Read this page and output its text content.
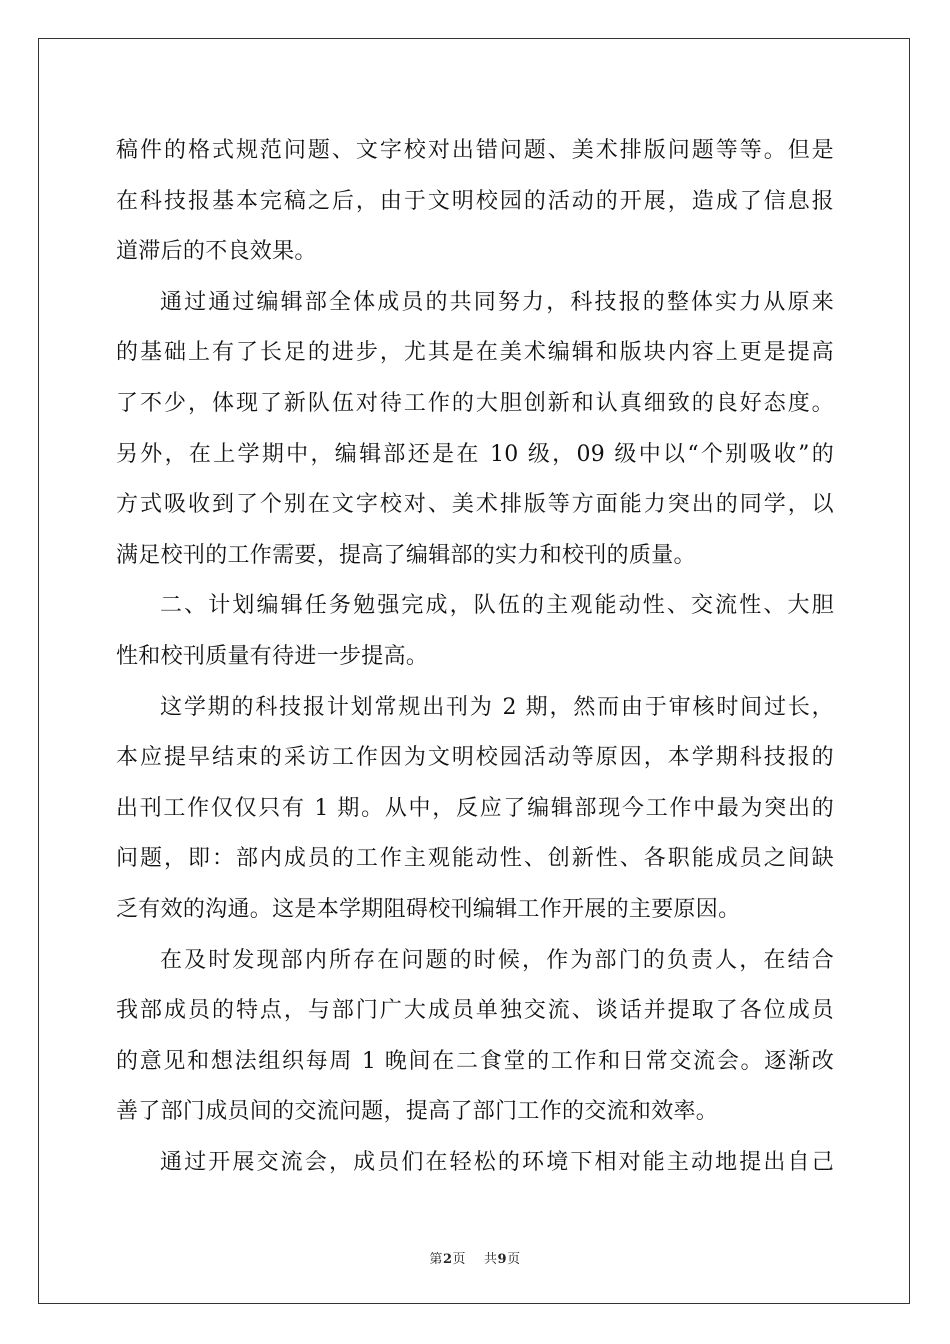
稿件的格式规范问题、文字校对出错问题、美术排版问题等等。但是
在科技报基本完稿之后，由于文明校园的活动的开展，造成了信息报
道滞后的不良效果。
通过通过编辑部全体成员的共同努力，科技报的整体实力从原来
的基础上有了长足的进步，尤其是在美术编辑和版块内容上更是提高
了不少，体现了新队伍对待工作的大胆创新和认真细致的良好态度。
另外，在上学期中，编辑部还是在 10 级，09 级中以“个别吸收”的
方式吸收到了个别在文字校对、美术排版等方面能力突出的同学，以
满足校刊的工作需要，提高了编辑部的实力和校刊的质量。
二、计划编辑任务勉强完成，队伍的主观能动性、交流性、大胆
性和校刊质量有待进一步提高。
这学期的科技报计划常规出刊为 2 期，然而由于审核时间过长，
本应提早结束的采访工作因为文明校园活动等原因，本学期科技报的
出刊工作仅仅只有 1 期。从中，反应了编辑部现今工作中最为突出的
问题，即：部内成员的工作主观能动性、创新性、各职能成员之间缺
乏有效的沟通。这是本学期阻碍校刊编辑工作开展的主要原因。
在及时发现部内所存在问题的时候，作为部门的负责人，在结合
我部成员的特点，与部门广大成员单独交流、谈话并提取了各位成员
的意见和想法组织每周 1 晚间在二食堂的工作和日常交流会。逐渐改
善了部门成员间的交流问题，提高了部门工作的交流和效率。
通过开展交流会，成员们在轻松的环境下相对能主动地提出自己
第2页 共9页
